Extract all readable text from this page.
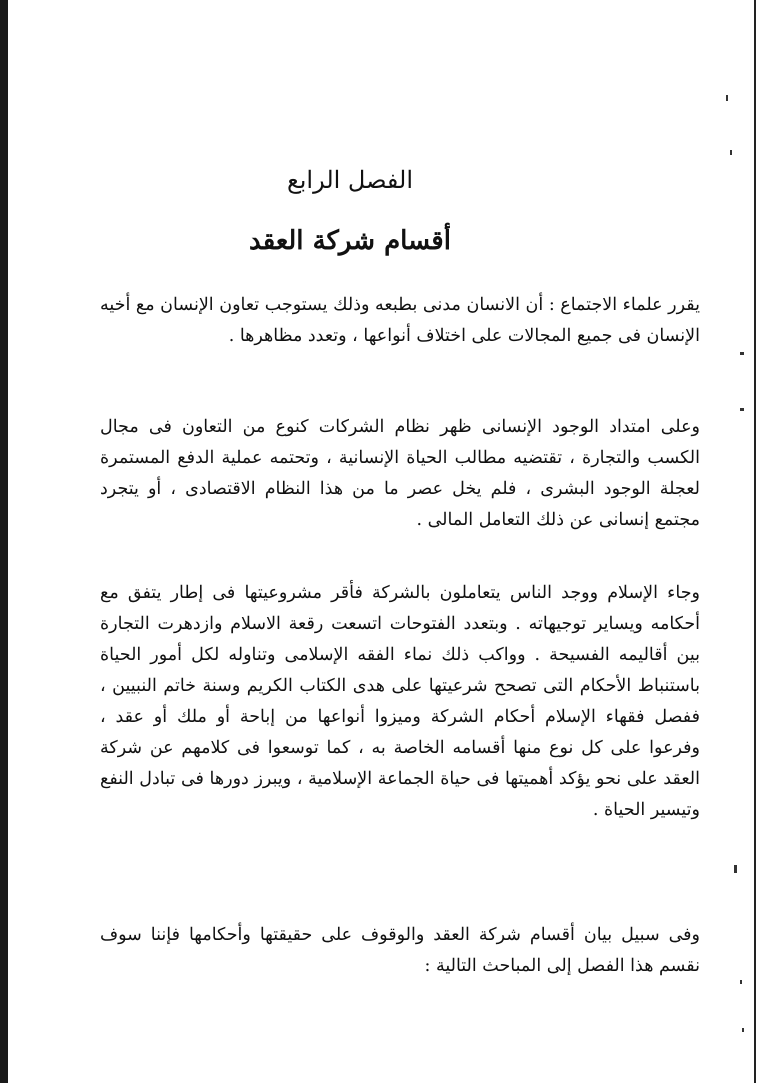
الفصل الرابع
أقسام شركة العقد
يقرر علماء الاجتماع : أن الانسان مدنى بطبعه وذلك يستوجب تعاون الإنسان مع أخيه الإنسان فى جميع المجالات على اختلاف أنواعها ، وتعدد مظاهرها .
وعلى امتداد الوجود الإنسانى ظهر نظام الشركات كنوع من التعاون فى مجال الكسب والتجارة ، تقتضيه مطالب الحياة الإنسانية ، وتحتمه عملية الدفع المستمرة لعجلة الوجود البشرى ، فلم يخل عصر ما من هذا النظام الاقتصادى ، أو يتجرد مجتمع إنسانى عن ذلك التعامل المالى .
وجاء الإسلام ووجد الناس يتعاملون بالشركة فأقر مشروعيتها فى إطار يتفق مع أحكامه ويساير توجيهاته . وبتعدد الفتوحات اتسعت رقعة الاسلام وازدهرت التجارة بين أقاليمه الفسيحة . وواكب ذلك نماء الفقه الإسلامى وتناوله لكل أمور الحياة باستنباط الأحكام التى تصحح شرعيتها على هدى الكتاب الكريم وسنة خاتم النبيين ، ففصل فقهاء الإسلام أحكام الشركة وميزوا أنواعها من إباحة أو ملك أو عقد ، وفرعوا على كل نوع منها أقسامه الخاصة به ، كما توسعوا فى كلامهم عن شركة العقد على نحو يؤكد أهميتها فى حياة الجماعة الإسلامية ، ويبرز دورها فى تبادل النفع وتيسير الحياة .
وفى سبيل بيان أقسام شركة العقد والوقوف على حقيقتها وأحكامها فإننا سوف نقسم هذا الفصل إلى المباحث التالية :
